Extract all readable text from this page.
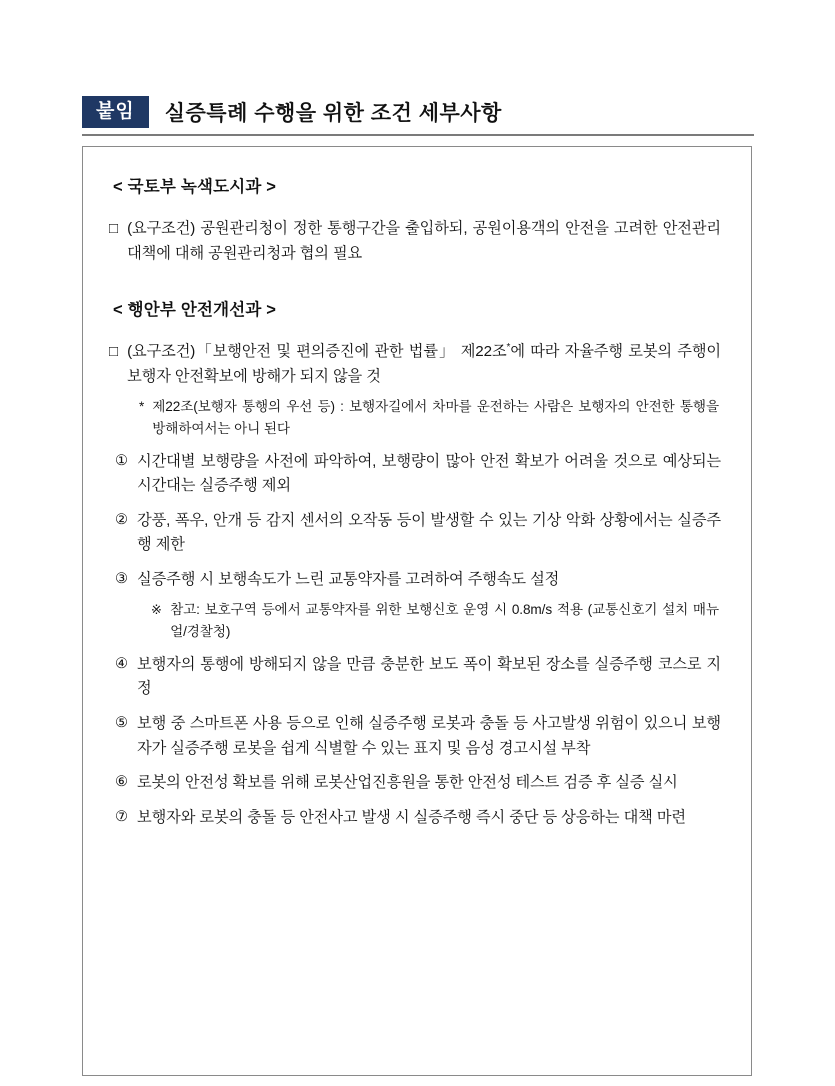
붙임	실증특례 수행을 위한 조건 세부사항
< 국토부 녹색도시과 >
□ (요구조건) 공원관리청이 정한 통행구간을 출입하되, 공원이용객의 안전을 고려한 안전관리대책에 대해 공원관리청과 협의 필요
< 행안부 안전개선과 >
□ (요구조건)「보행안전 및 편의증진에 관한 법률」 제22조*에 따라 자율주행 로봇의 주행이 보행자 안전확보에 방해가 되지 않을 것
* 제22조(보행자 통행의 우선 등) : 보행자길에서 차마를 운전하는 사람은 보행자의 안전한 통행을 방해하여서는 아니 된다
① 시간대별 보행량을 사전에 파악하여, 보행량이 많아 안전 확보가 어려울 것으로 예상되는 시간대는 실증주행 제외
② 강풍, 폭우, 안개 등 감지 센서의 오작동 등이 발생할 수 있는 기상 악화 상황에서는 실증주행 제한
③ 실증주행 시 보행속도가 느린 교통약자를 고려하여 주행속도 설정
※ 참고: 보호구역 등에서 교통약자를 위한 보행신호 운영 시 0.8m/s 적용 (교통신호기 설치 매뉴얼/경찰청)
④ 보행자의 통행에 방해되지 않을 만큼 충분한 보도 폭이 확보된 장소를 실증주행 코스로 지정
⑤ 보행 중 스마트폰 사용 등으로 인해 실증주행 로봇과 충돌 등 사고발생 위험이 있으니 보행자가 실증주행 로봇을 쉽게 식별할 수 있는 표지 및 음성 경고시설 부착
⑥ 로봇의 안전성 확보를 위해 로봇산업진흥원을 통한 안전성 테스트 검증 후 실증 실시
⑦ 보행자와 로봇의 충돌 등 안전사고 발생 시 실증주행 즉시 중단 등 상응하는 대책 마련
